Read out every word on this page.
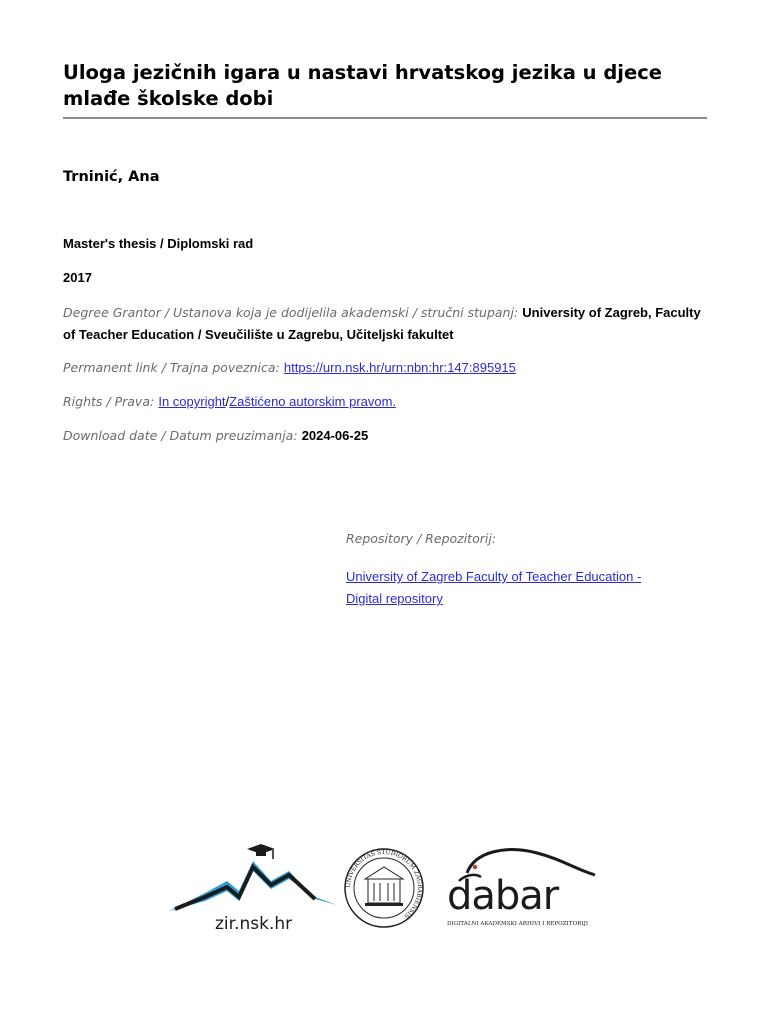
Uloga jezičnih igara u nastavi hrvatskog jezika u djece mlađe školske dobi
Trninić, Ana
Master's thesis / Diplomski rad
2017
Degree Grantor / Ustanova koja je dodijelila akademski / stručni stupanj: University of Zagreb, Faculty of Teacher Education / Sveučilište u Zagrebu, Učiteljski fakultet
Permanent link / Trajna poveznica: https://urn.nsk.hr/urn:nbn:hr:147:895915
Rights / Prava: In copyright/Zaštićeno autorskim pravom.
Download date / Datum preuzimanja: 2024-06-25
Repository / Repozitorij:
University of Zagreb Faculty of Teacher Education -
Digital repository
zir.nsk.hr
UNIVERSITAS STUDIORUM ZAGRABIENSIS dabar
DIGITALNI AKADEMSKI ARHIVI I REPOZITORIJI
